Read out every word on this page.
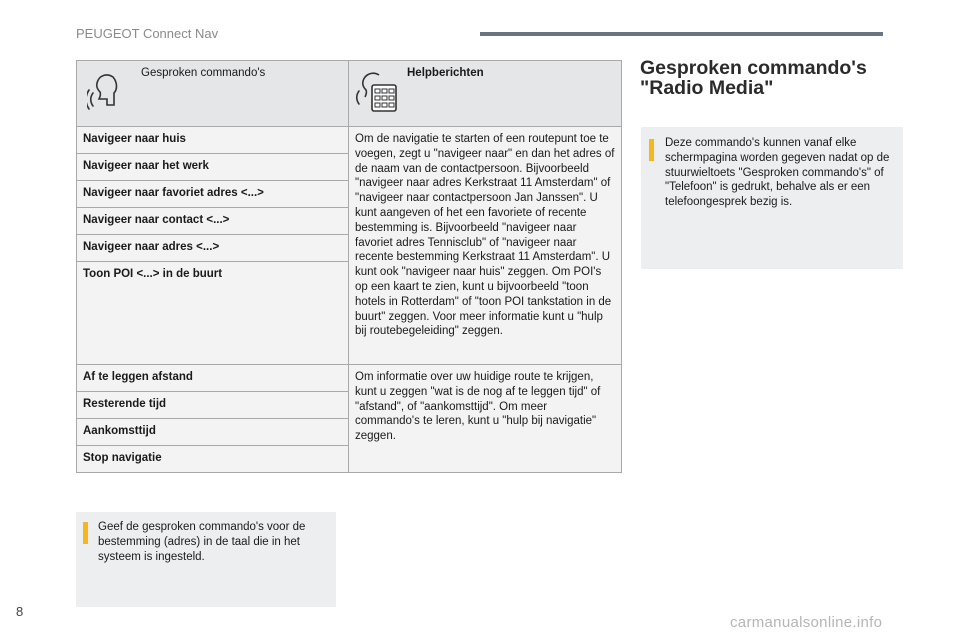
PEUGEOT Connect Nav
Gesproken commando's	Helpberichten

Navigeer naar huis	Om de navigatie te starten of een routepunt toe te voegen, zegt u "navigeer naar" en dan het adres of de naam van de contactpersoon. Bijvoorbeeld "navigeer naar adres Kerkstraat 11 Amsterdam" of "navigeer naar contactpersoon Jan Janssen". U kunt aangeven of het een favoriete of recente bestemming is. Bijvoorbeeld "navigeer naar favoriet adres Tennisclub" of "navigeer naar recente bestemming Kerkstraat 11 Amsterdam". U kunt ook "navigeer naar huis" zeggen. Om POI's op een kaart te zien, kunt u bijvoorbeeld "toon hotels in Rotterdam" of "toon POI tankstation in de buurt" zeggen. Voor meer informatie kunt u "hulp bij routebegeleiding" zeggen.
Navigeer naar het werk	
Navigeer naar favoriet adres <...>	
Navigeer naar contact <...>	
Navigeer naar adres <...>	
Toon POI <...> in de buurt	
Af te leggen afstand	Om informatie over uw huidige route te krijgen, kunt u zeggen "wat is de nog af te leggen tijd" of "afstand", of "aankomsttijd". Om meer commando's te leren, kunt u "hulp bij navigatie" zeggen.
Resterende tijd	
Aankomsttijd	
Stop navigatie	
Geef de gesproken commando's voor de bestemming (adres) in de taal die in het systeem is ingesteld.
Gesproken commando's "Radio Media"
Deze commando's kunnen vanaf elke schermpagina worden gegeven nadat op de stuurwieltoets "Gesproken commando's" of "Telefoon" is gedrukt, behalve als er een telefoongesprek bezig is.
8
carmanualsonline.info
